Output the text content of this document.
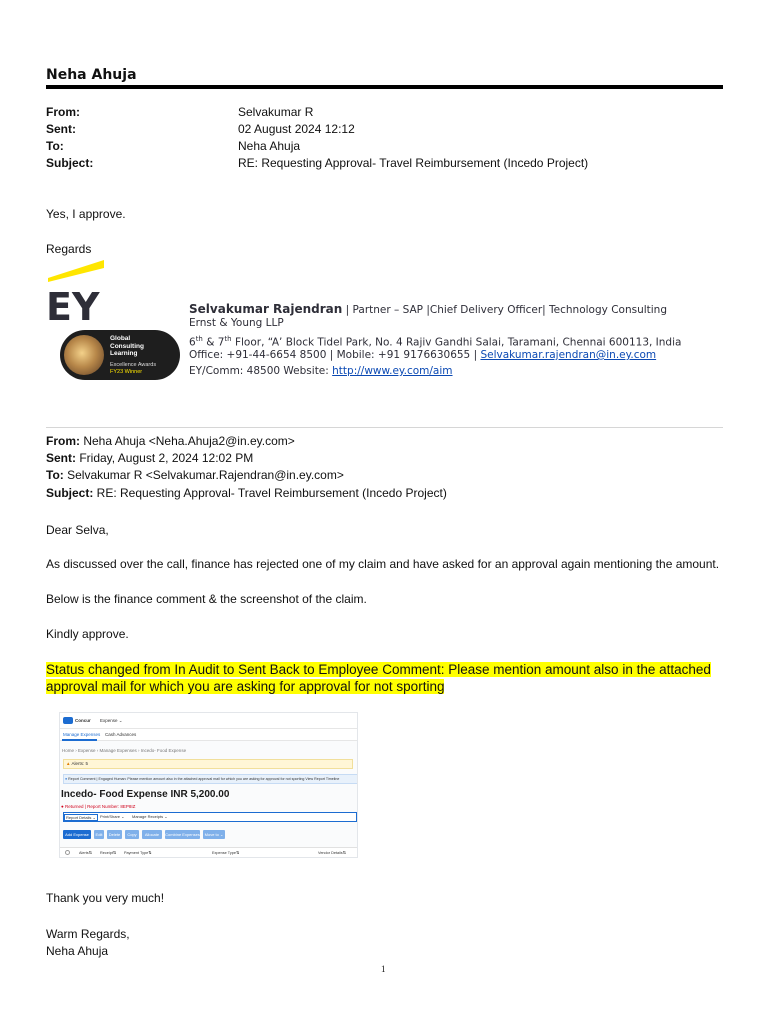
Neha Ahuja
From:	Selvakumar R
Sent:	02 August 2024 12:12
To:	Neha Ahuja
Subject:	RE: Requesting Approval- Travel Reimbursement (Incedo Project)
Yes, I approve.
Regards
EY
Global Consulting Learning
Excellence Awards
FY23 Winner
Selvakumar Rajendran | Partner – SAP |Chief Delivery Officer| Technology Consulting
Ernst & Young LLP
6th & 7th Floor, “A’ Block Tidel Park, No. 4 Rajiv Gandhi Salai, Taramani, Chennai 600113, India
Office: +91-44-6654 8500 | Mobile: +91 9176630655 | Selvakumar.rajendran@in.ey.com
EY/Comm: 48500 Website: http://www.ey.com/aim
From: Neha Ahuja <Neha.Ahuja2@in.ey.com>
Sent: Friday, August 2, 2024 12:02 PM
To: Selvakumar R <Selvakumar.Rajendran@in.ey.com>
Subject: RE: Requesting Approval- Travel Reimbursement (Incedo Project)
Dear Selva,
As discussed over the call, finance has rejected one of my claim and have asked for an approval again mentioning the amount.
Below is the finance comment & the screenshot of the claim.
Kindly approve.
Status changed from In Audit to Sent Back to Employee Comment: Please mention amount also in the attached approval mail for which you are asking for approval for not sporting
Concur Expense ⌄
Manage Expenses Cash Advances
Home › Expense › Manage Expenses › Incedo- Food Expense
▲ Alerts: 5
● Report Comment | Engaged Human: Please mention amount also in the attached approval mail for which you are asking for approval for not sporting View Report Timeline
Incedo- Food Expense INR 5,200.00
● Returned | Report Number: 8EP8IZ
Report Details ⌄	Print/Share ⌄ Manage Receipts ⌄
Add Expense	Edit	Delete	Copy	Allocate	Combine Expenses	Move to ⌄
Alerts⇅ Receipt⇅ Payment Type⇅	Expense Type⇅	Vendor Details⇅
Thank you very much!
Warm Regards,
Neha Ahuja
1
